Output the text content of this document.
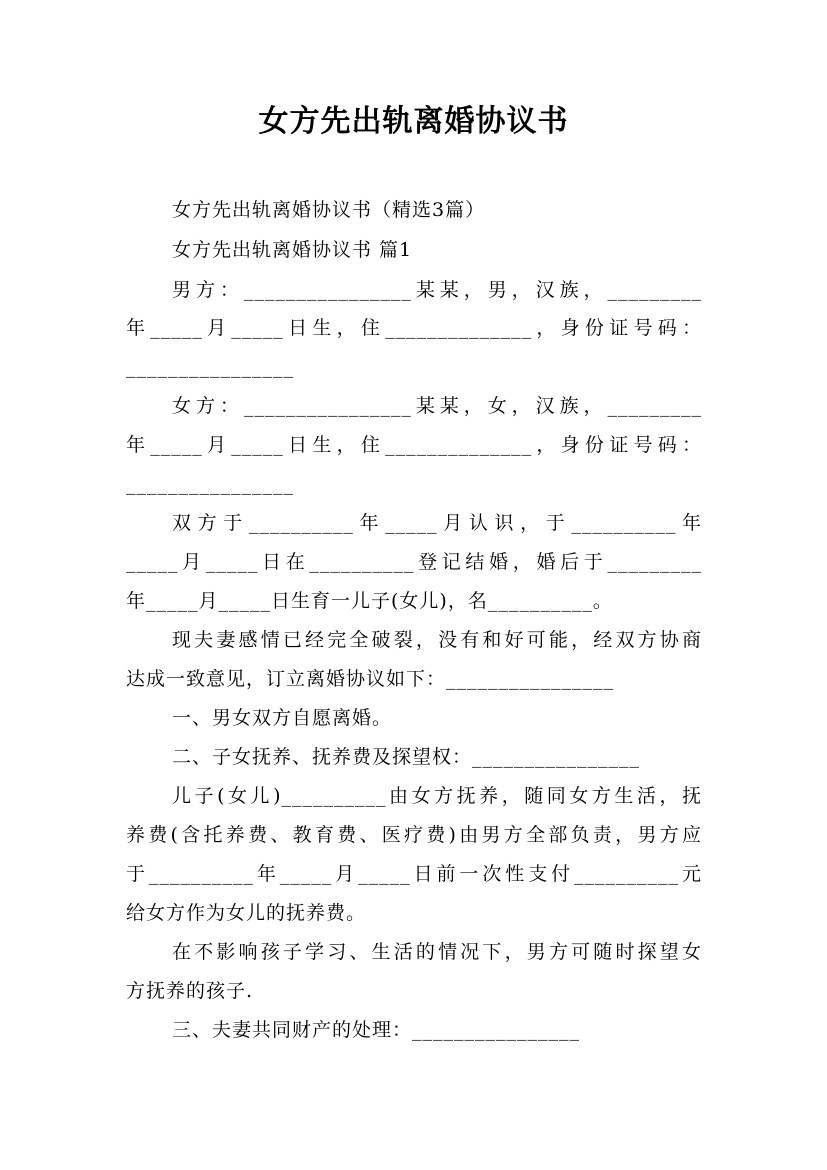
女方先出轨离婚协议书
女方先出轨离婚协议书（精选3篇）
女方先出轨离婚协议书 篇1
男方：________________某某，男，汉族，_________
年_____月_____日生，住______________，身份证号码：
________________
女方：________________某某，女，汉族，_________
年_____月_____日生，住______________，身份证号码：
________________
双方于__________年_____月认识，于__________年
_____月_____日在__________登记结婚，婚后于_________
年_____月_____日生育一儿子(女儿)，名__________。
现夫妻感情已经完全破裂，没有和好可能，经双方协商
达成一致意见，订立离婚协议如下：________________
一、男女双方自愿离婚。
二、子女抚养、抚养费及探望权：________________
儿子(女儿)__________由女方抚养，随同女方生活，抚
养费(含托养费、教育费、医疗费)由男方全部负责，男方应
于__________年_____月_____日前一次性支付__________元
给女方作为女儿的抚养费。
在不影响孩子学习、生活的情况下，男方可随时探望女
方抚养的孩子.
三、夫妻共同财产的处理：________________
